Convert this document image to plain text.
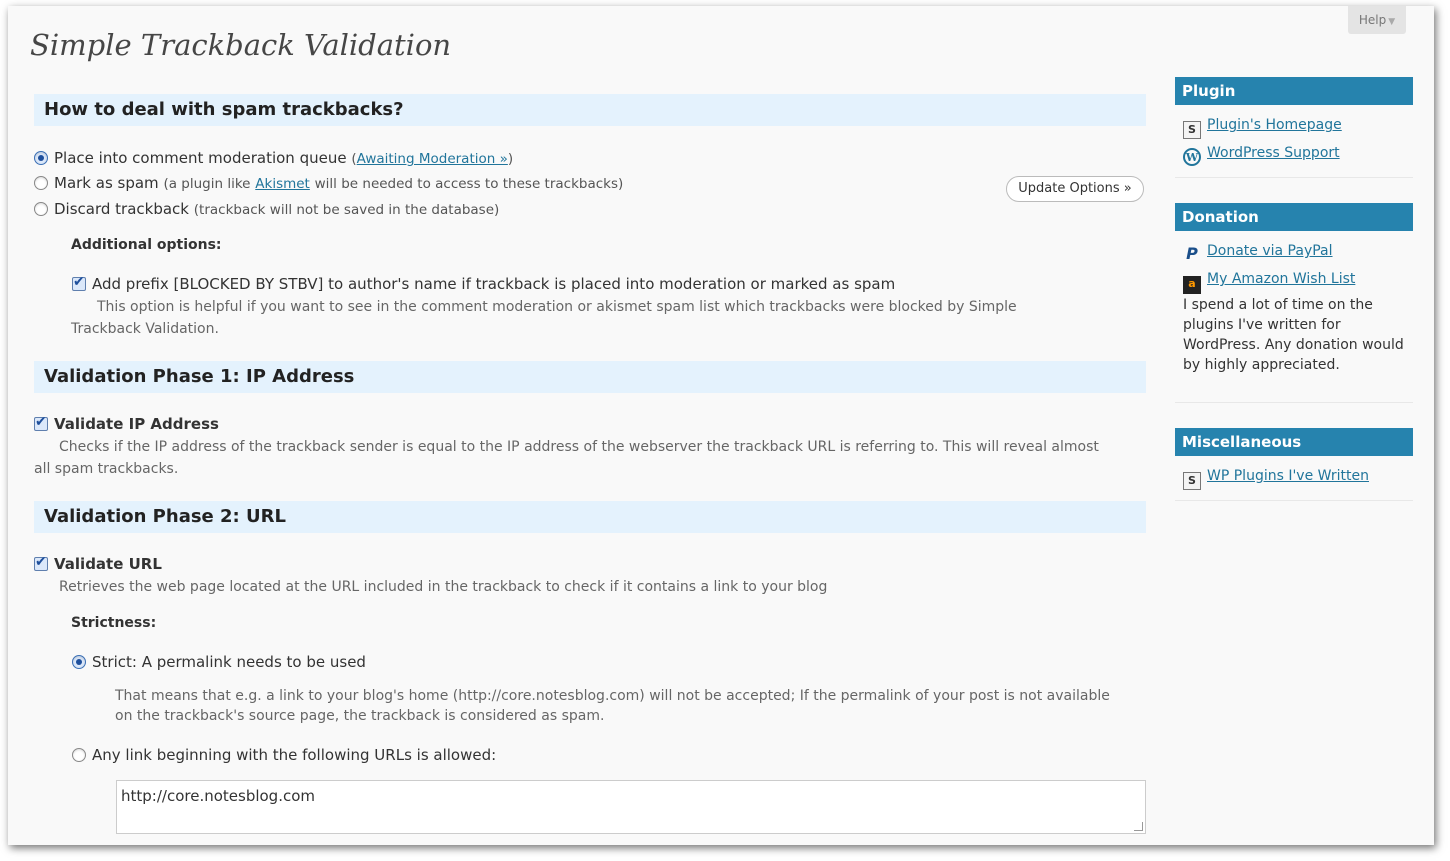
Help ▼
Simple Trackback Validation
How to deal with spam trackbacks?
Place into comment moderation queue (Awaiting Moderation »)
Mark as spam (a plugin like Akismet will be needed to access to these trackbacks)
Discard trackback (trackback will not be saved in the database)
Update Options »
Additional options:
✔Add prefix [BLOCKED BY STBV] to author's name if trackback is placed into moderation or marked as spam
This option is helpful if you want to see in the comment moderation or akismet spam list which trackbacks were blocked by Simple Trackback Validation.
Validation Phase 1: IP Address
✔Validate IP Address
Checks if the IP address of the trackback sender is equal to the IP address of the webserver the trackback URL is referring to. This will reveal almost all spam trackbacks.
Validation Phase 2: URL
✔Validate URL
Retrieves the web page located at the URL included in the trackback to check if it contains a link to your blog
Strictness:
Strict: A permalink needs to be used
That means that e.g. a link to your blog's home (http://core.notesblog.com) will not be accepted; If the permalink of your post is not available on the trackback's source page, the trackback is considered as spam.
Any link beginning with the following URLs is allowed:
http://core.notesblog.com
Plugin
S Plugin's Homepage
W WordPress Support
Donation
P Donate via PayPal
a My Amazon Wish List
I spend a lot of time on the plugins I've written for WordPress. Any donation would by highly appreciated.
Miscellaneous
S WP Plugins I've Written
